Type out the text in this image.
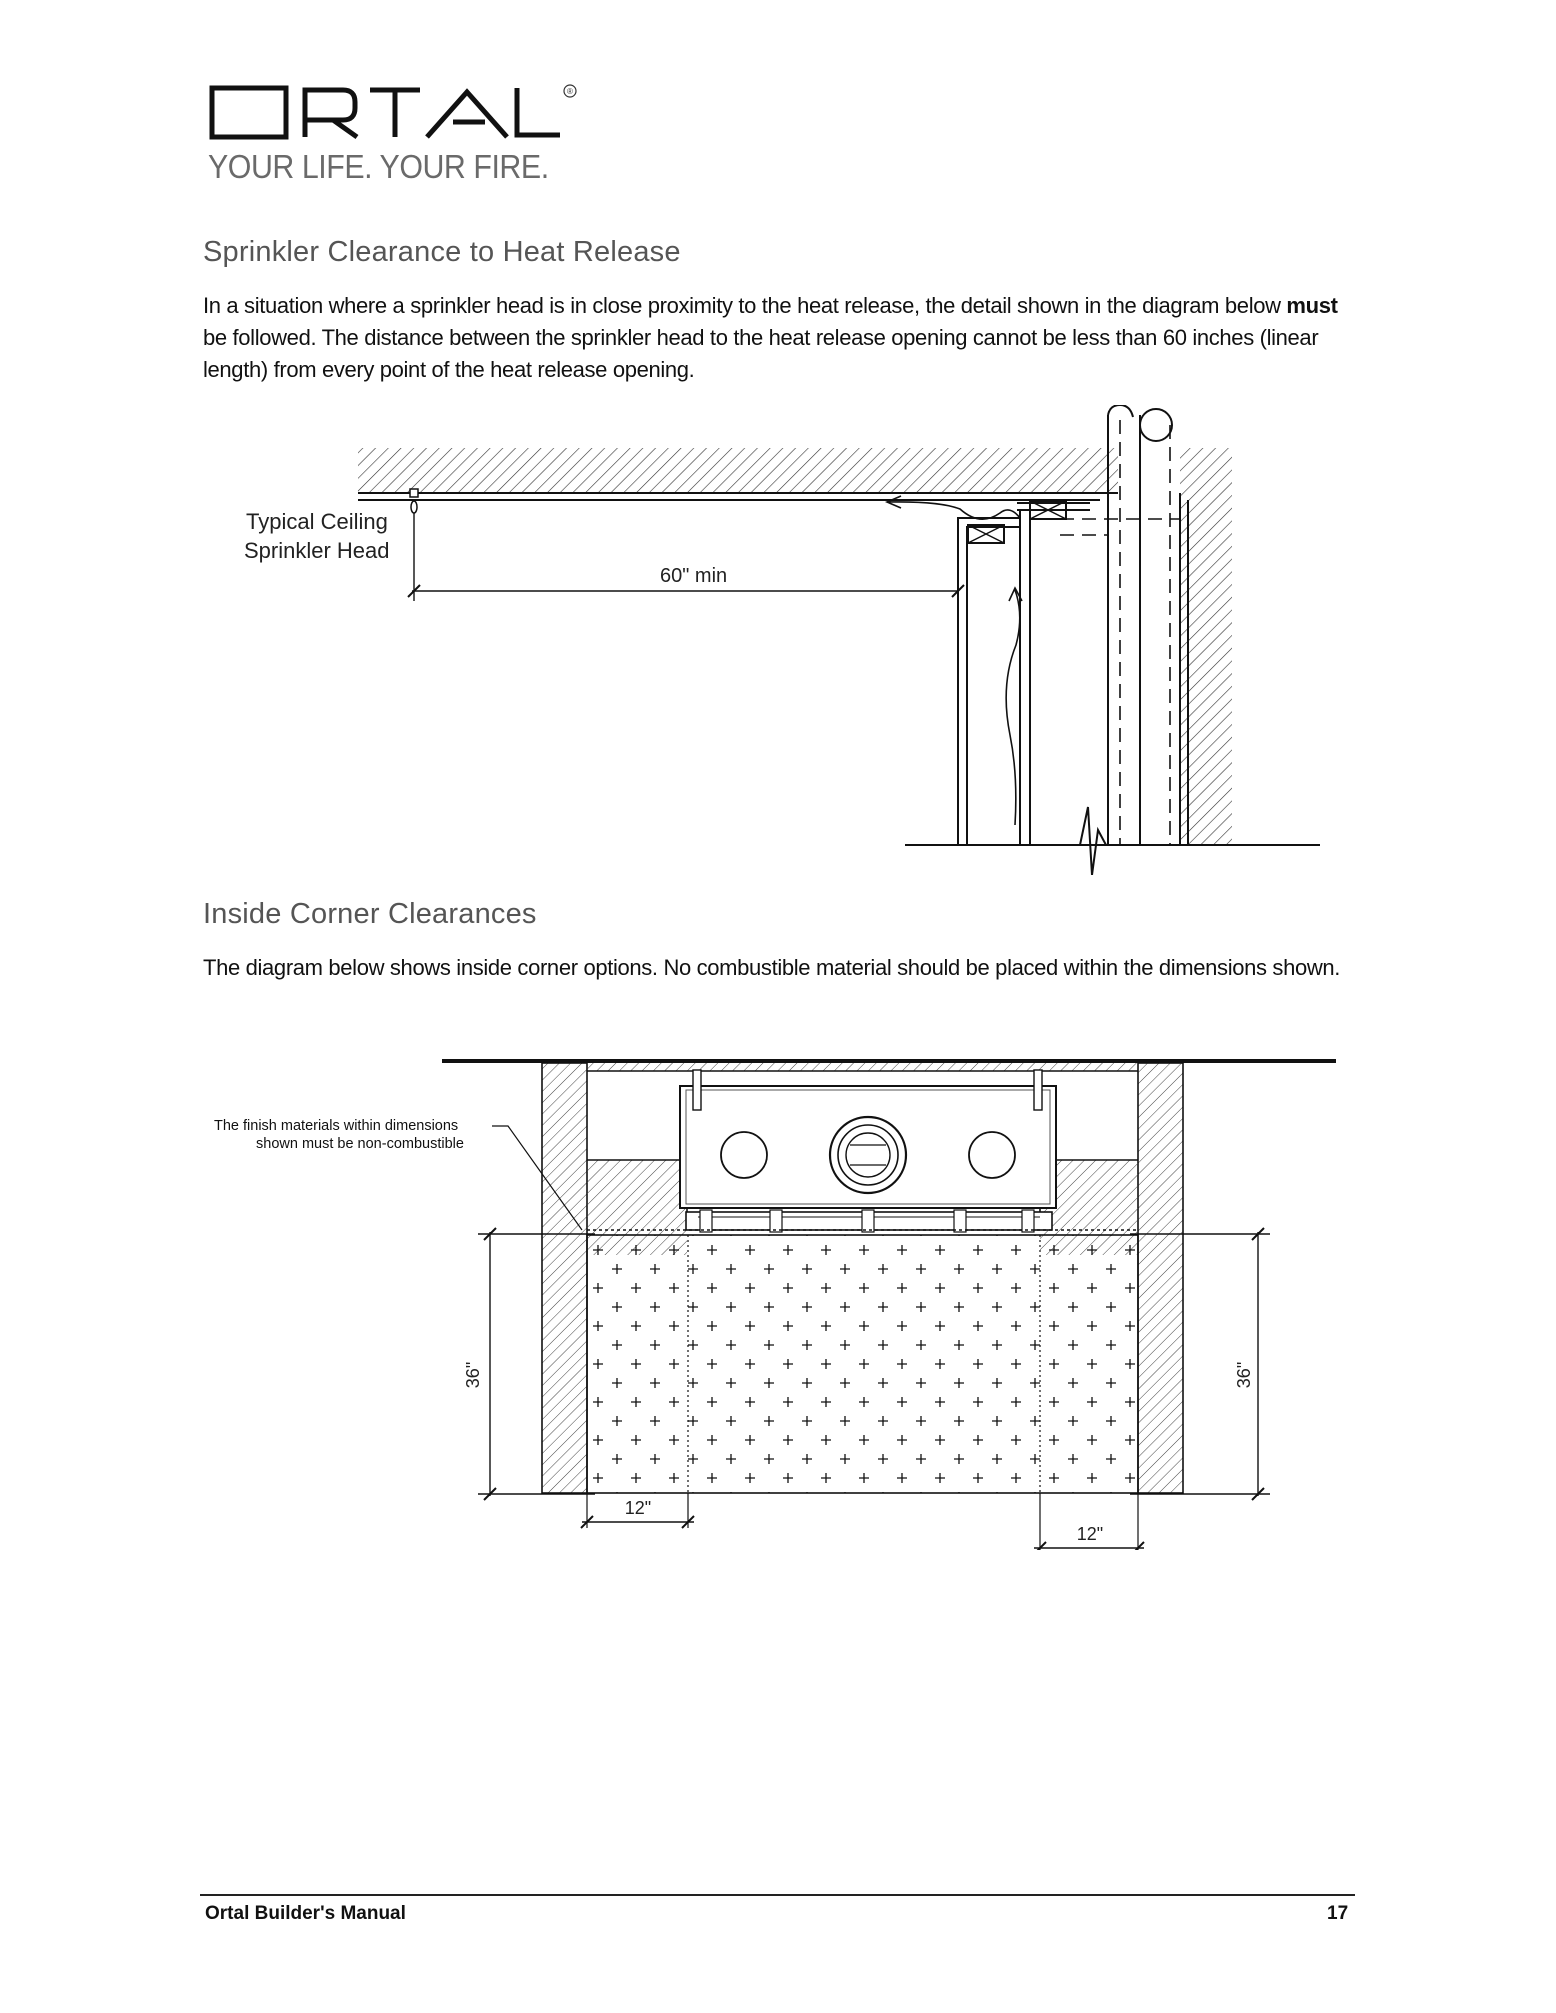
®
YOUR LIFE. YOUR FIRE.
Sprinkler Clearance to Heat Release

In a situation where a sprinkler head is in close proximity to the heat release, the detail shown in the diagram below must be followed. The distance between the sprinkler head to the heat release opening cannot be less than 60 inches (linear length) from every point of the heat release opening.

60" min
Typical Ceiling
Sprinkler Head
Inside Corner Clearances

The diagram below shows inside corner options. No combustible material should be placed within the dimensions shown.

36"	36"
12"
12"
The finish materials within dimensions
shown must be non-combustible
Ortal Builder's Manual	17
